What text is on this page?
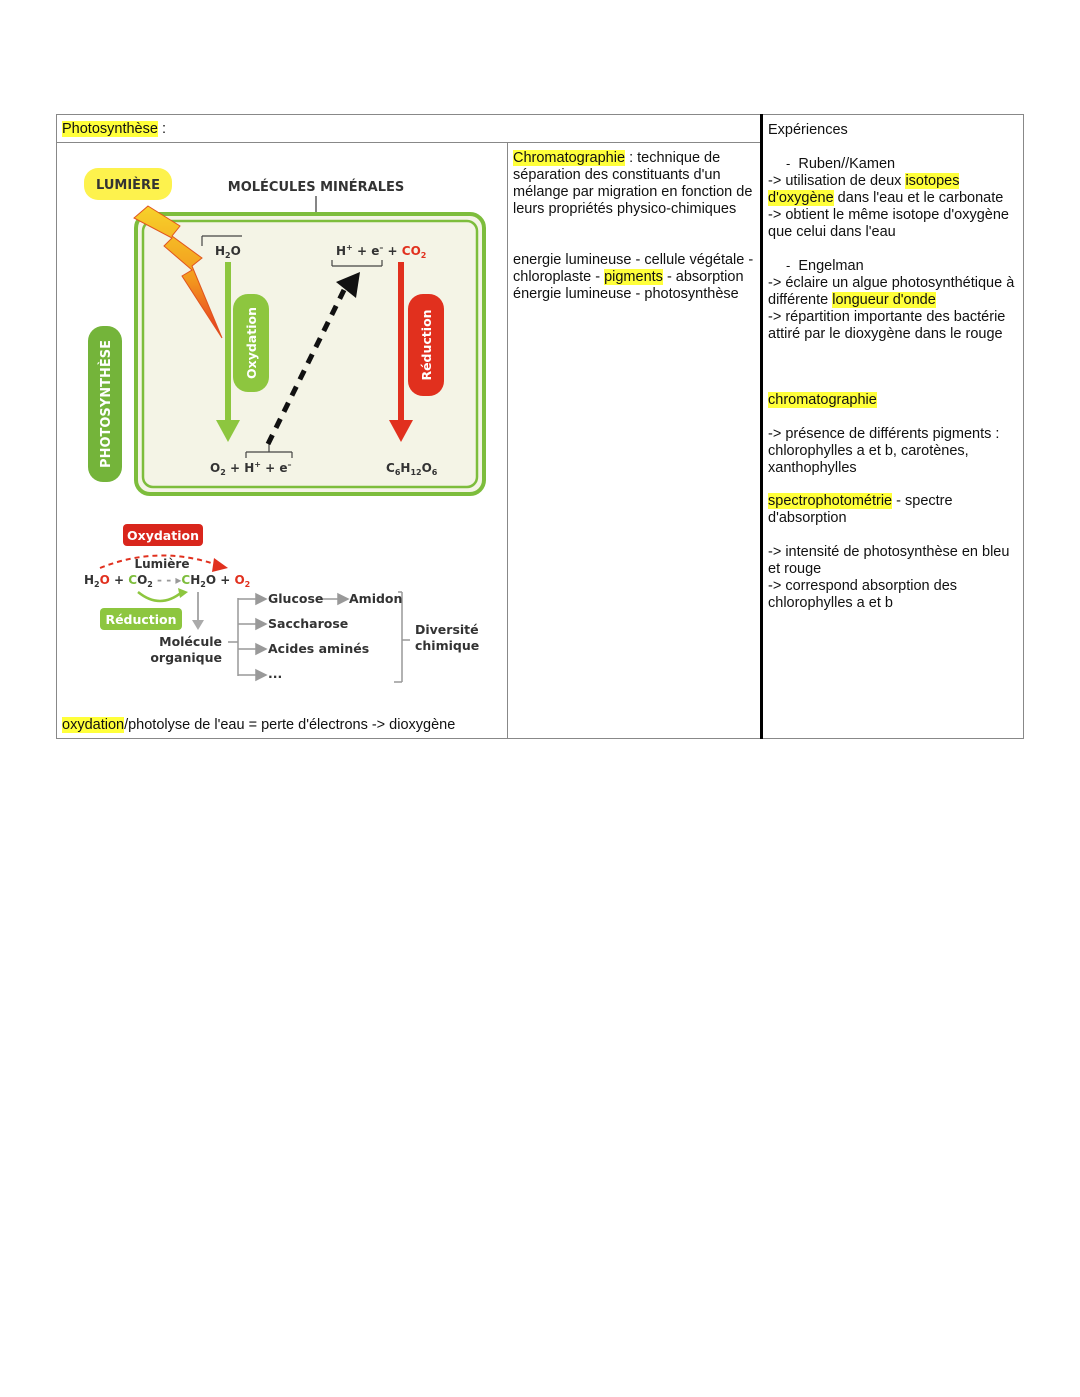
Photosynthèse :
LUMIÈRE	MOLÉCULES MINÉRALES
PHOTOSYNTHÈSE
$H_2O$
Oxydation
$O_2 + H^+ + e^-$
$H^+ + e^- + CO_2$
Réduction
$C_6H_{12}O_6$
Oxydation
Lumière
$H_2O + CO_2$ - - $▸CH_2O + O_2$
Réduction
Molécule
organique
Glucose Amidon
Saccharose
Acides aminés
...
Diversité
chimique
oxydation/photolyse de l'eau = perte d'électrons -> dioxygène
Chromatographie : technique de séparation des constituants d'un mélange par migration en fonction de leurs propriétés physico-chimiques
energie lumineuse - cellule végétale - chloroplaste - pigments - absorption énergie lumineuse - photosynthèse
Expériences
- Ruben//Kamen
-> utilisation de deux isotopes
d'oxygène dans l'eau et le carbonate
-> obtient le même isotope d'oxygène que celui dans l'eau
- Engelman
-> éclaire un algue photosynthétique à différente longueur d'onde
-> répartition importante des bactérie attiré par le dioxygène dans le rouge
chromatographie
-> présence de différents pigments : chlorophylles a et b, carotènes, xanthophylles
spectrophotométrie - spectre d'absorption
-> intensité de photosynthèse en bleu et rouge
-> correspond absorption des chlorophylles a et b
